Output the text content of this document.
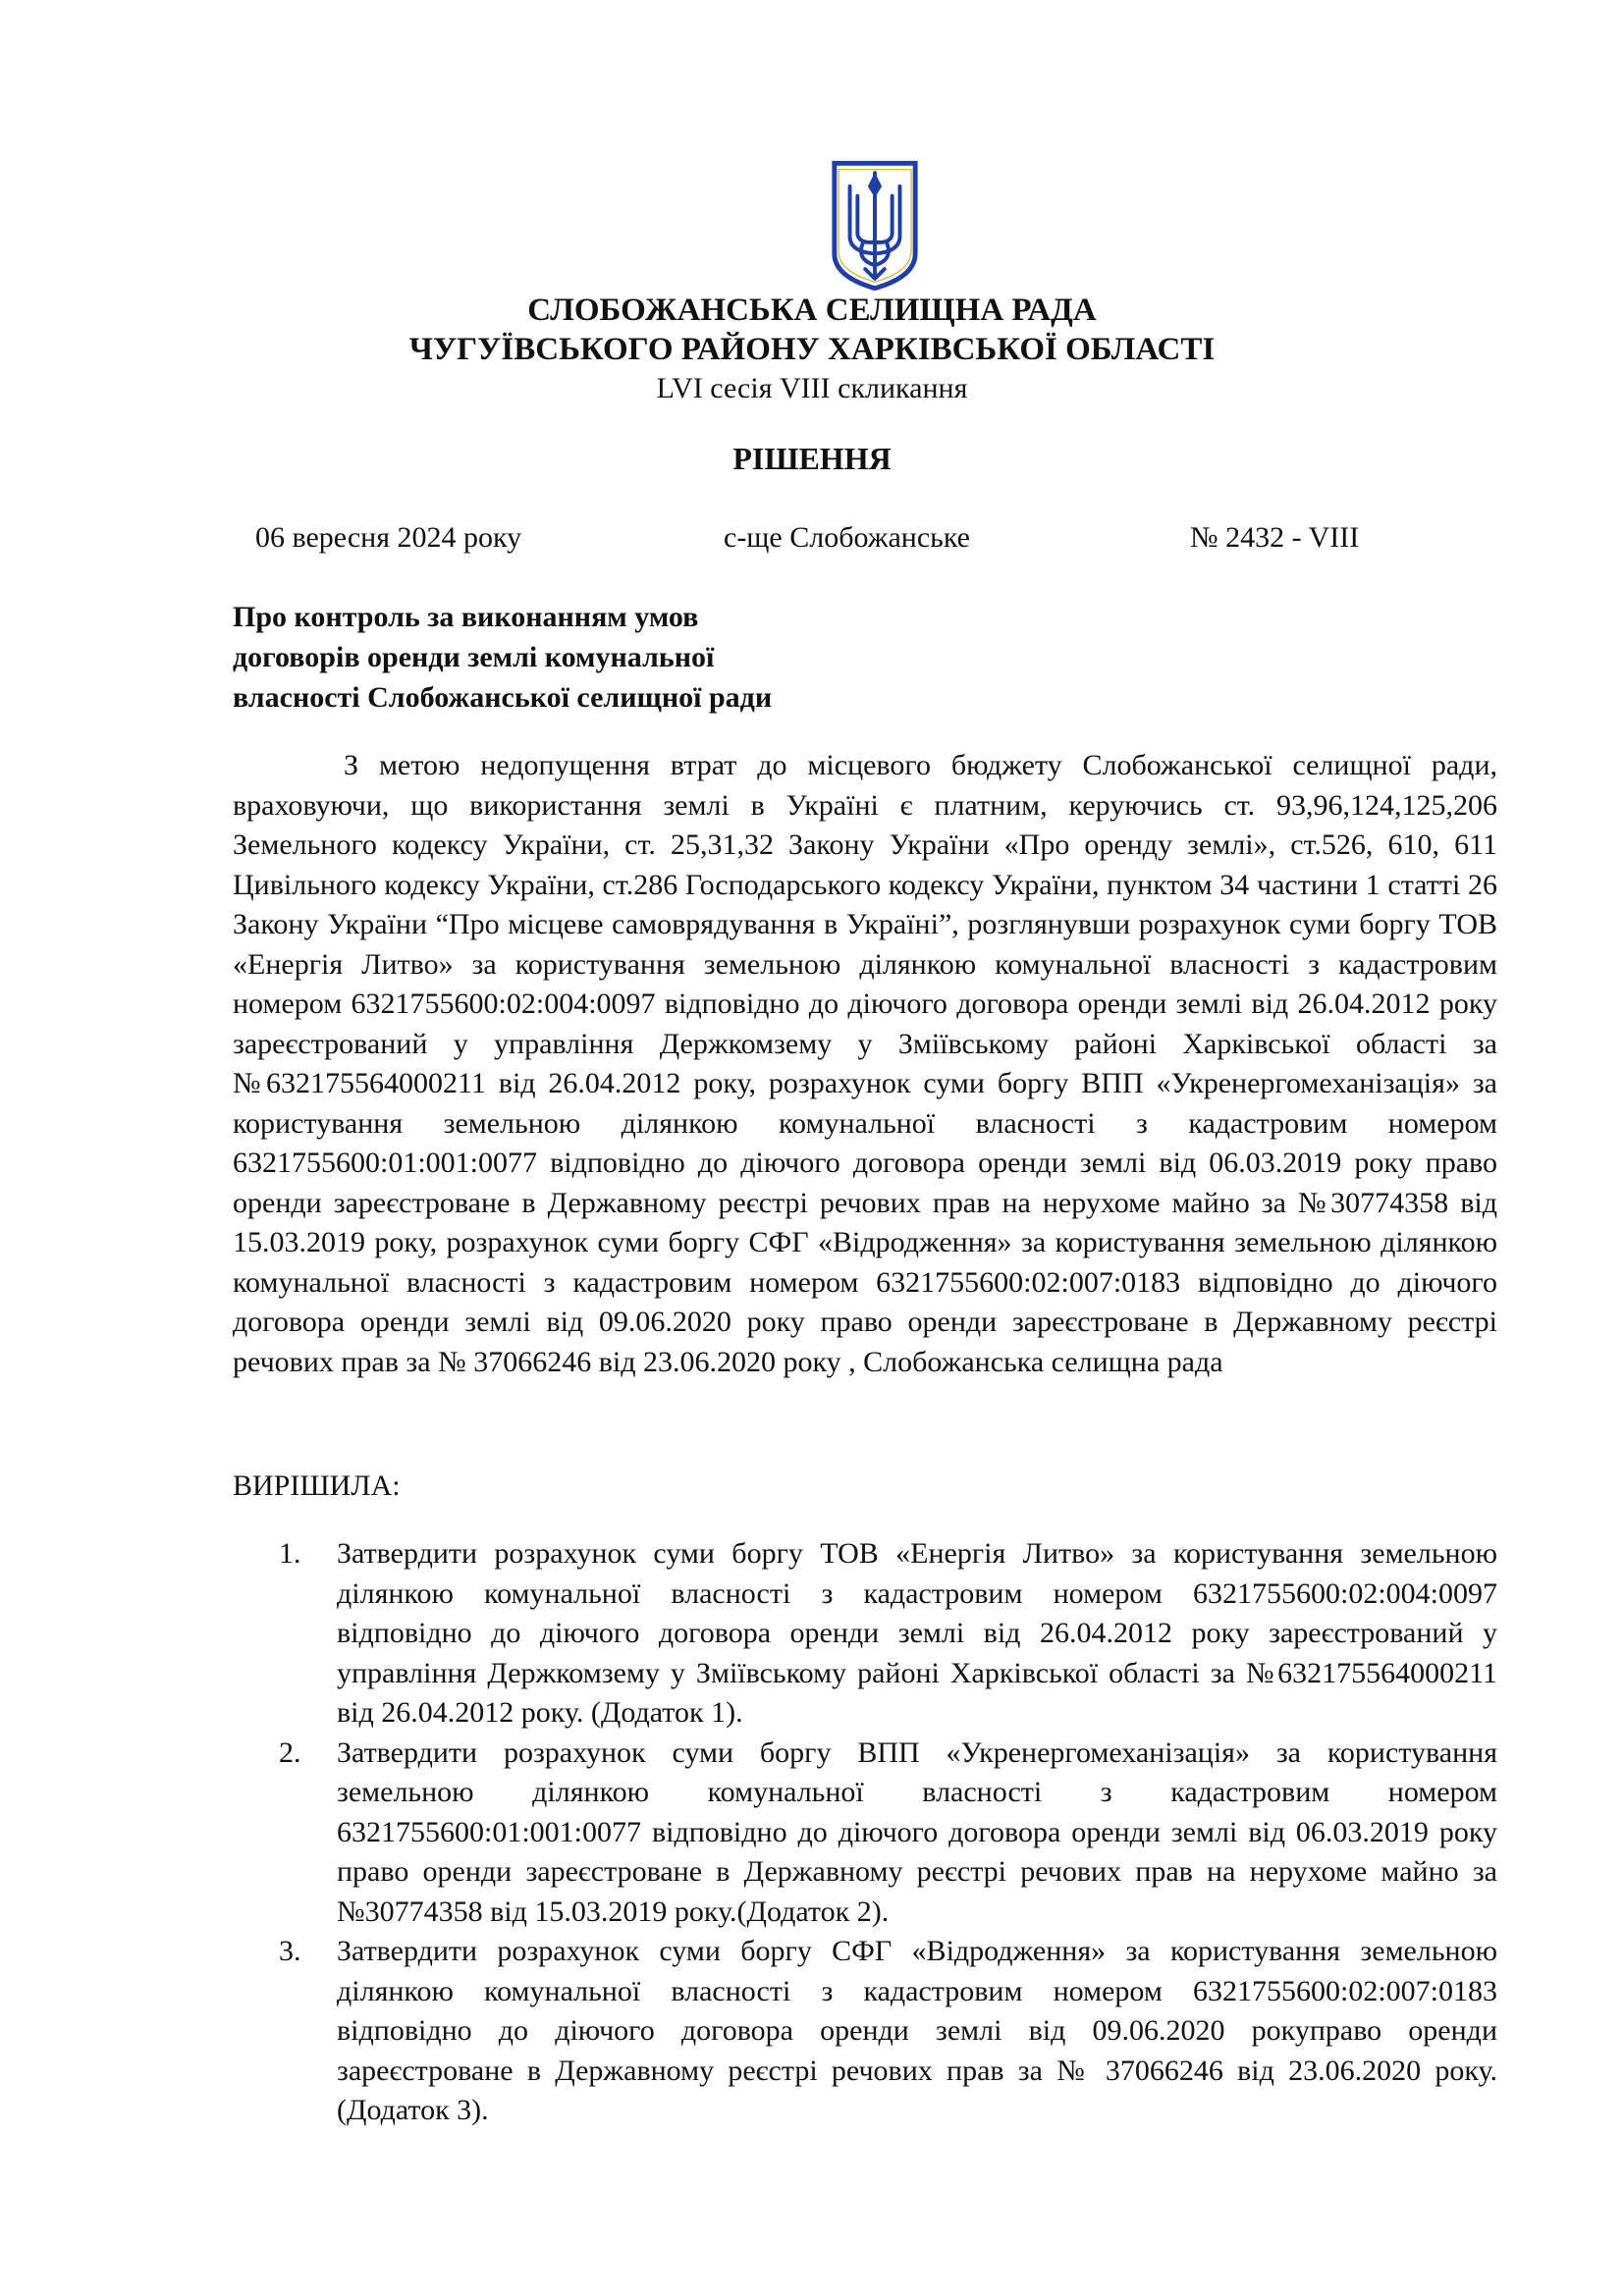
СЛОБОЖАНСЬКА СЕЛИЩНА РАДА
ЧУГУЇВСЬКОГО РАЙОНУ ХАРКІВСЬКОЇ ОБЛАСТІ
LVI сесія VIII скликання
РІШЕННЯ
06 вересня 2024 року	с-ще Слобожанське	№ 2432 - VIII
Про контроль за виконанням умов
договорів оренди землі комунальної
власності Слобожанської селищної ради

З метою недопущення втрат до місцевого бюджету Слобожанської селищної ради, враховуючи, що використання землі в Україні є платним, керуючись ст. 93,96,124,125,206 Земельного кодексу України, ст. 25,31,32 Закону України «Про оренду землі», ст.526, 610, 611 Цивільного кодексу України, ст.286 Господарського кодексу України, пунктом 34 частини 1 статті 26 Закону України “Про місцеве самоврядування в Україні”, розглянувши розрахунок суми боргу ТОВ «Енергія Литво» за користування земельною ділянкою комунальної власності з кадастровим номером 6321755600:02:004:0097 відповідно до діючого договора оренди землі від 26.04.2012 року зареєстрований у управління Держкомзему у Зміївському районі Харківської області за №632175564000211 від 26.04.2012 року, розрахунок суми боргу ВПП «Укренергомеханізація» за користування земельною ділянкою комунальної власності з кадастровим номером 6321755600:01:001:0077 відповідно до діючого договора оренди землі від 06.03.2019 року право оренди зареєстроване в Державному реєстрі речових прав на нерухоме майно за №30774358 від 15.03.2019 року, розрахунок суми боргу СФГ «Відродження» за користування земельною ділянкою комунальної власності з кадастровим номером 6321755600:02:007:0183 відповідно до діючого договора оренди землі від 09.06.2020 року право оренди зареєстроване в Державному реєстрі речових прав за № 37066246 від 23.06.2020 року , Слобожанська селищна рада

ВИРІШИЛА:
1. Затвердити розрахунок суми боргу ТОВ «Енергія Литво» за користування земельною ділянкою комунальної власності з кадастровим номером 6321755600:02:004:0097 відповідно до діючого договора оренди землі від 26.04.2012 року зареєстрований у управління Держкомзему у Зміївському районі Харківської області за №632175564000211 від 26.04.2012 року. (Додаток 1).
2. Затвердити розрахунок суми боргу ВПП «Укренергомеханізація» за користування земельною ділянкою комунальної власності з кадастровим номером 6321755600:01:001:0077 відповідно до діючого договора оренди землі від 06.03.2019 року право оренди зареєстроване в Державному реєстрі речових прав на нерухоме майно за №30774358 від 15.03.2019 року.(Додаток 2).
3. Затвердити розрахунок суми боргу СФГ «Відродження» за користування земельною ділянкою комунальної власності з кадастровим номером 6321755600:02:007:0183 відповідно до діючого договора оренди землі від 09.06.2020 рокуправо оренди зареєстроване в Державному реєстрі речових прав за № 37066246 від 23.06.2020 року.(Додаток 3).
